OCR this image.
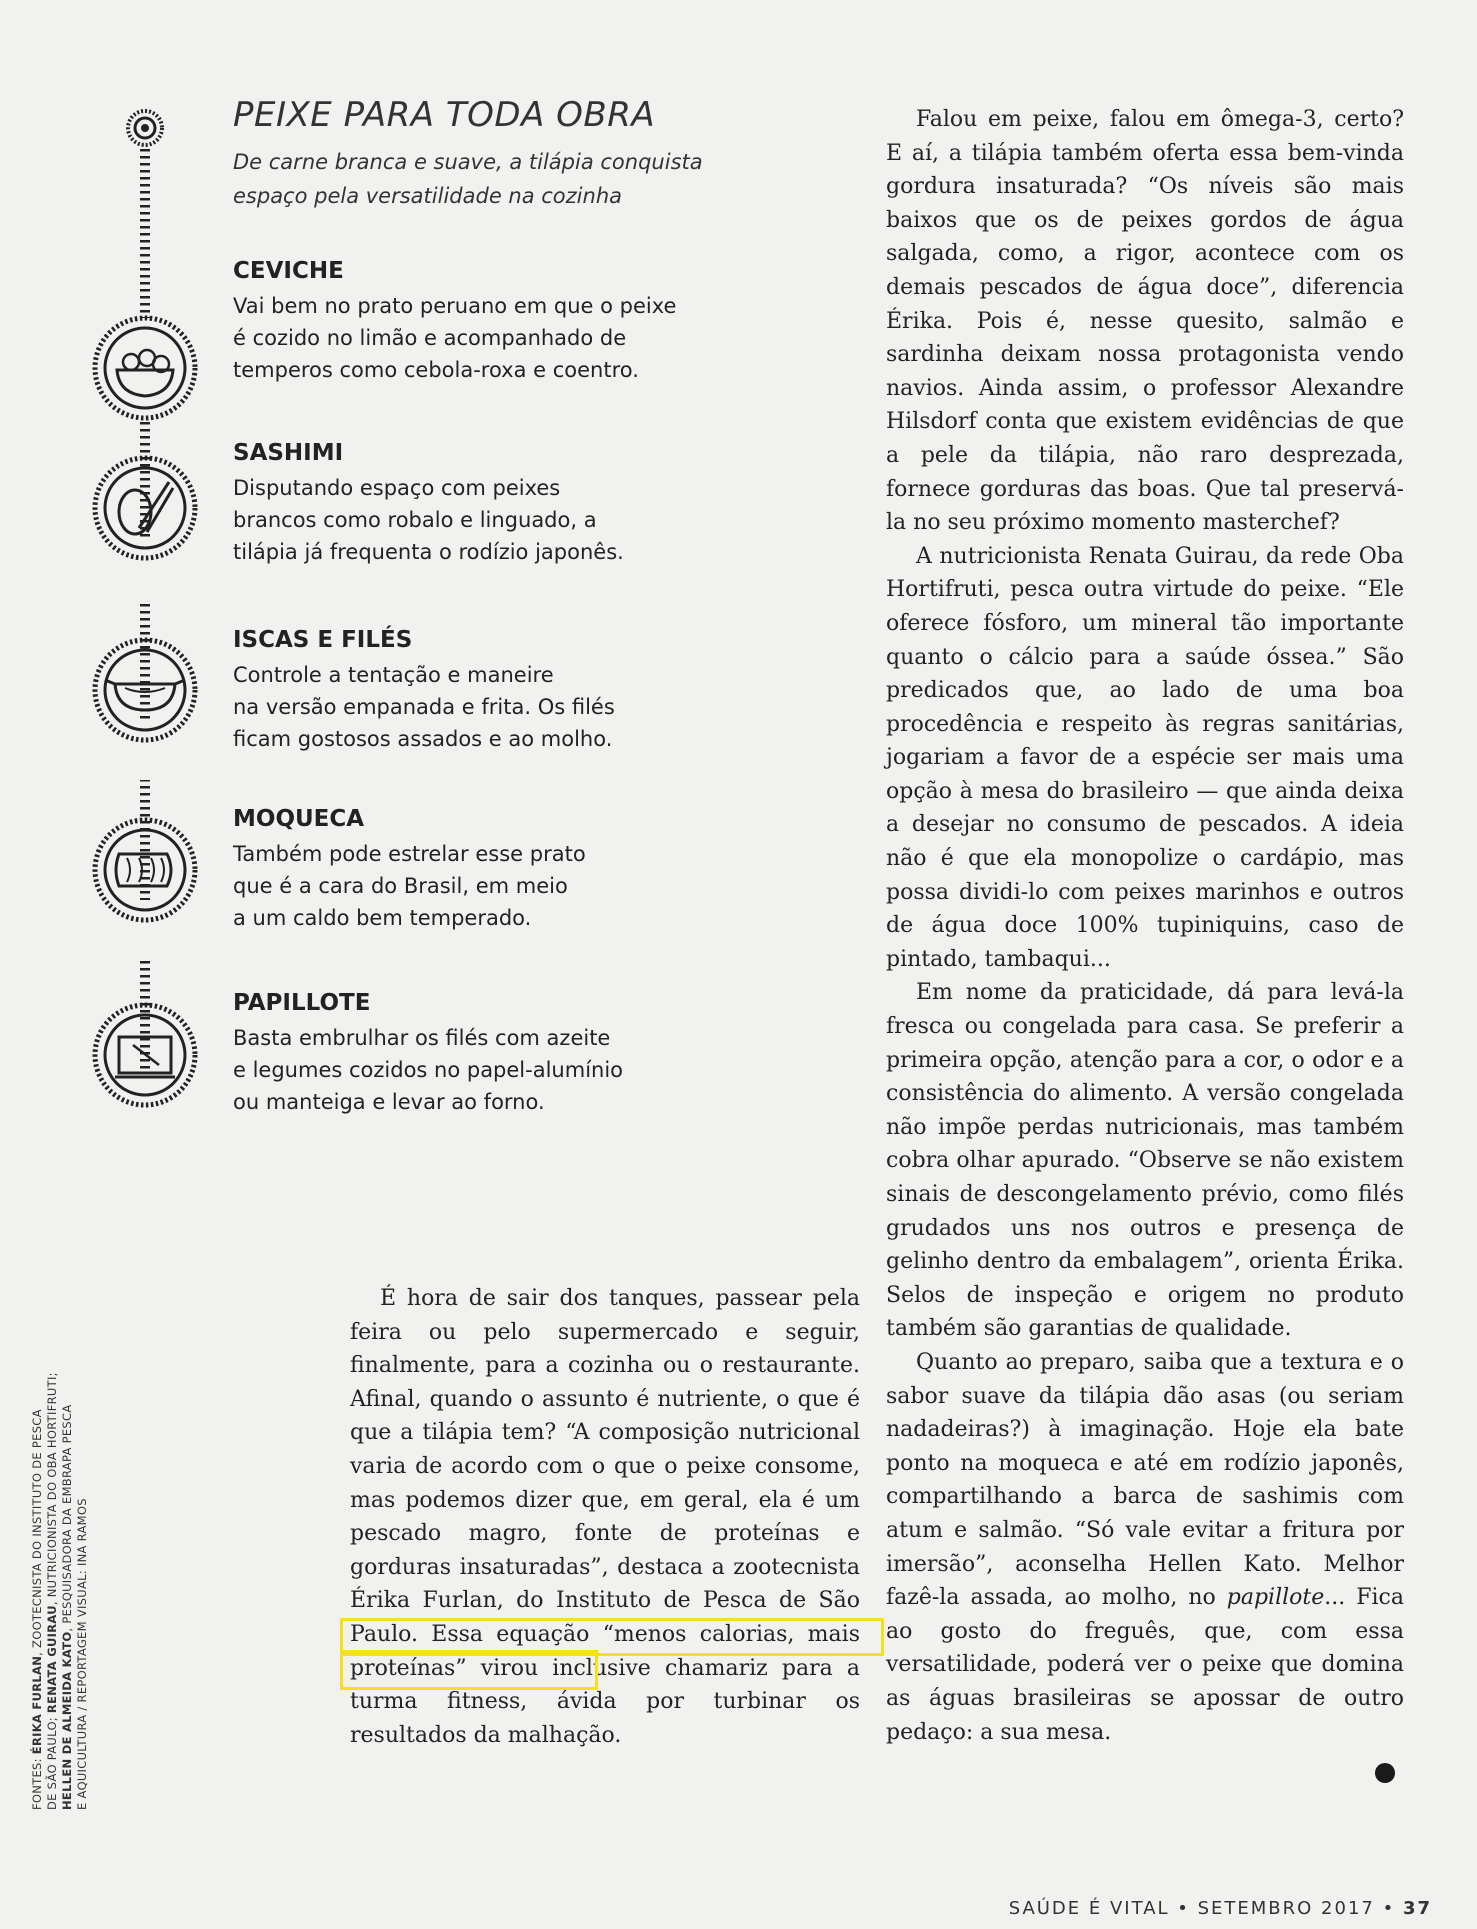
PEIXE PARA TODA OBRA
De carne branca e suave, a tilápia conquista
espaço pela versatilidade na cozinha
CEVICHE

Vai bem no prato peruano em que o peixe
é cozido no limão e acompanhado de
temperos como cebola-roxa e coentro.

SASHIMI

Disputando espaço com peixes
brancos como robalo e linguado, a
tilápia já frequenta o rodízio japonês.

ISCAS E FILÉS

Controle a tentação e maneire
na versão empanada e frita. Os filés
ficam gostosos assados e ao molho.

MOQUECA

Também pode estrelar esse prato
que é a cara do Brasil, em meio
a um caldo bem temperado.

PAPILLOTE

Basta embrulhar os filés com azeite
e legumes cozidos no papel-alumínio
ou manteiga e levar ao forno.

É hora de sair dos tanques, passear pela feira ou pelo supermercado e seguir, finalmente, para a cozinha ou o restaurante. Afinal, quando o assunto é nutriente, o que é que a tilápia tem? “A composição nutricional varia de acordo com o que o peixe consome, mas podemos dizer que, em geral, ela é um pescado magro, fonte de proteínas e gorduras insaturadas”, destaca a zootecnista Érika Furlan, do Instituto de Pesca de São Paulo. Essa equação “menos calorias, mais proteínas” virou inclusive chamariz para a turma fitness, ávida por turbinar os resultados da malhação.

Falou em peixe, falou em ômega-3, certo? E aí, a tilápia também oferta essa bem-vinda gordura insaturada? “Os níveis são mais baixos que os de peixes gordos de água salgada, como, a rigor, acontece com os demais pescados de água doce”, diferencia Érika. Pois é, nesse quesito, salmão e sardinha deixam nossa protagonista vendo navios. Ainda assim, o professor Alexandre Hilsdorf conta que existem evidências de que a pele da tilápia, não raro desprezada, fornece gorduras das boas. Que tal preservá-la no seu próximo momento masterchef?

A nutricionista Renata Guirau, da rede Oba Hortifruti, pesca outra virtude do peixe. “Ele oferece fósforo, um mineral tão importante quanto o cálcio para a saúde óssea.” São predicados que, ao lado de uma boa procedência e respeito às regras sanitárias, jogariam a favor de a espécie ser mais uma opção à mesa do brasileiro — que ainda deixa a desejar no consumo de pescados. A ideia não é que ela monopolize o cardápio, mas possa dividi-lo com peixes marinhos e outros de água doce 100% tupiniquins, caso de pintado, tambaqui...

Em nome da praticidade, dá para levá-la fresca ou congelada para casa. Se preferir a primeira opção, atenção para a cor, o odor e a consistência do alimento. A versão congelada não impõe perdas nutricionais, mas também cobra olhar apurado. “Observe se não existem sinais de descongelamento prévio, como filés grudados uns nos outros e presença de gelinho dentro da embalagem”, orienta Érika. Selos de inspeção e origem no produto também são garantias de qualidade.

Quanto ao preparo, saiba que a textura e o sabor suave da tilápia dão asas (ou seriam nadadeiras?) à imaginação. Hoje ela bate ponto na moqueca e até em rodízio japonês, compartilhando a barca de sashimis com atum e salmão. “Só vale evitar a fritura por imersão”, aconselha Hellen Kato. Melhor fazê-la assada, ao molho, no papillote... Fica ao gosto do freguês, que, com essa versatilidade, poderá ver o peixe que domina as águas brasileiras se apossar de outro pedaço: a sua mesa.

FONTES: ÉRIKA FURLAN, ZOOTECNISTA DO INSTITUTO DE PESCA
DE SÃO PAULO; RENATA GUIRAU, NUTRICIONISTA DO OBA HORTIFRUTI;
HELLEN DE ALMEIDA KATO, PESQUISADORA DA EMBRAPA PESCA E AQUICULTURA / REPORTAGEM VISUAL: INA RAMOS
SAÚDE É VITAL • SETEMBRO 2017 • 37
